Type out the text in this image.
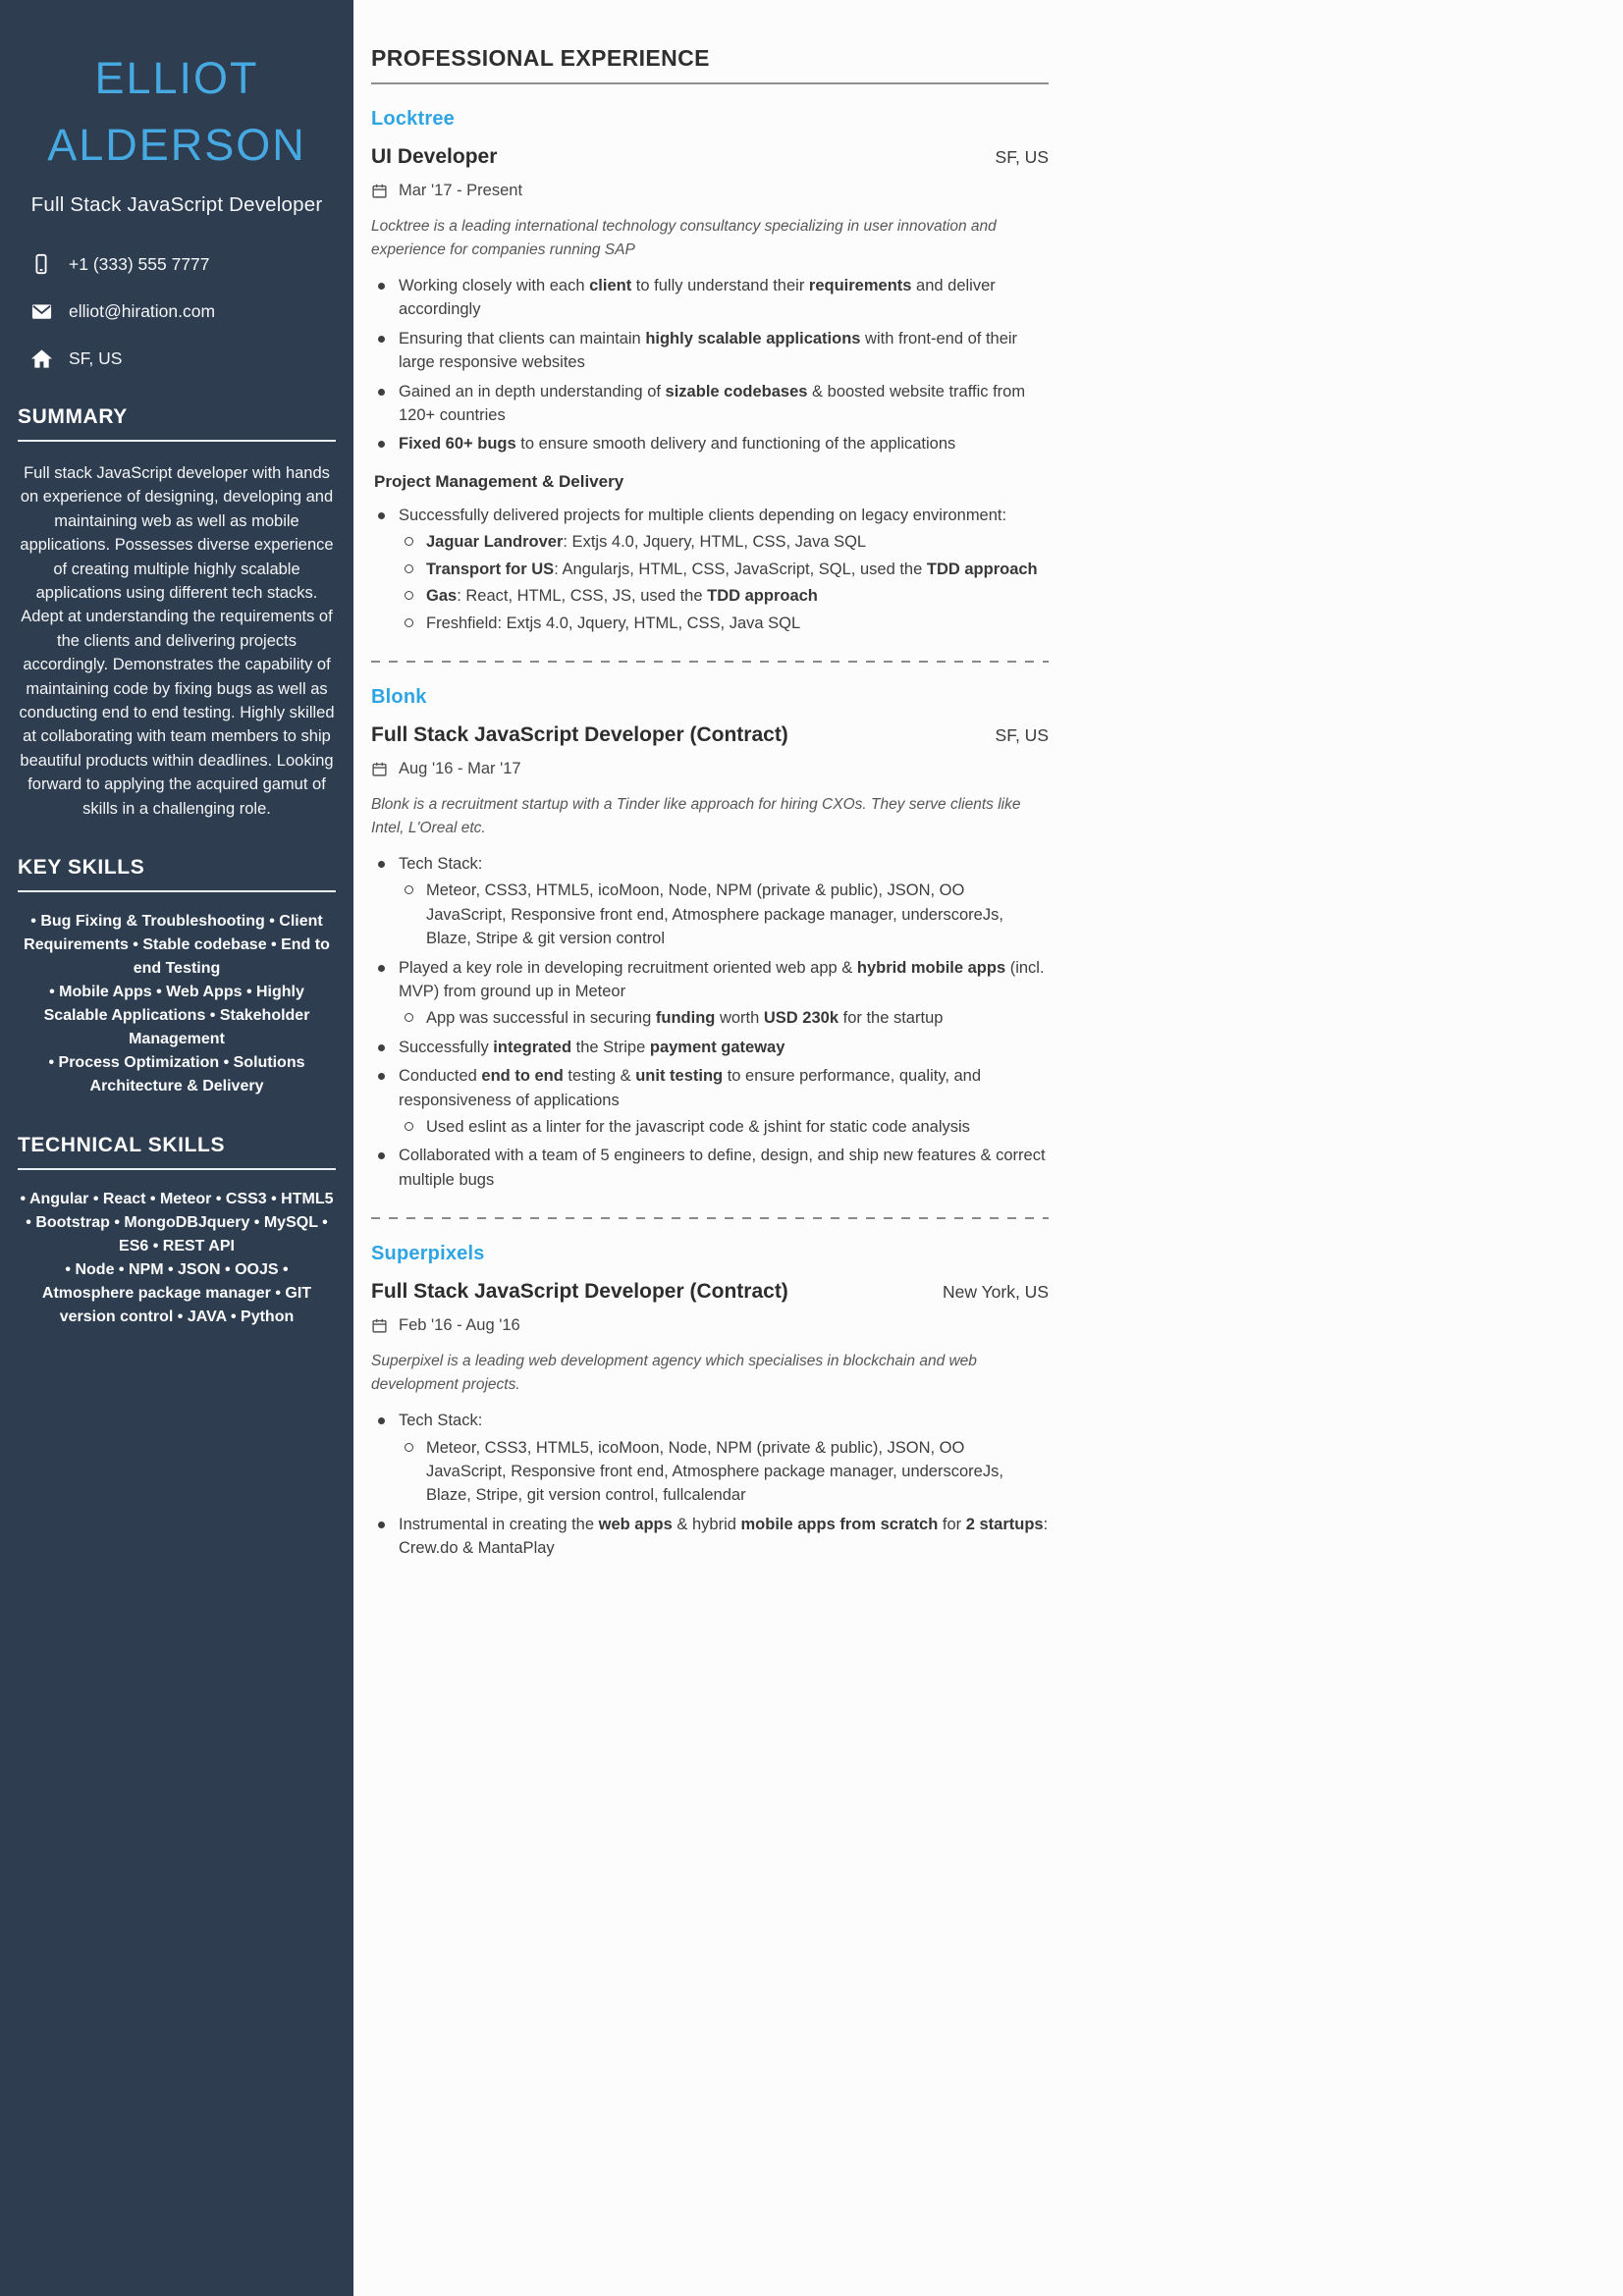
ELLIOT
ALDERSON
Full Stack JavaScript Developer
+1 (333) 555 7777
elliot@hiration.com
SF, US
SUMMARY

Full stack JavaScript developer with hands on experience of designing, developing and maintaining web as well as mobile applications. Possesses diverse experience of creating multiple highly scalable applications using different tech stacks. Adept at understanding the requirements of the clients and delivering projects accordingly. Demonstrates the capability of maintaining code by fixing bugs as well as conducting end to end testing. Highly skilled at collaborating with team members to ship beautiful products within deadlines. Looking forward to applying the acquired gamut of skills in a challenging role.

KEY SKILLS
• Bug Fixing & Troubleshooting • Client Requirements • Stable codebase • End to end Testing
• Mobile Apps • Web Apps • Highly Scalable Applications • Stakeholder Management
• Process Optimization • Solutions Architecture & Delivery
TECHNICAL SKILLS
• Angular • React • Meteor • CSS3 • HTML5 • Bootstrap • MongoDBJquery • MySQL • ES6 • REST API
• Node • NPM • JSON • OOJS • Atmosphere package manager • GIT version control • JAVA • Python
PROFESSIONAL EXPERIENCE
Locktree
UI Developer	SF, US
Mar '17 - Present
Locktree is a leading international technology consultancy specializing in user innovation and experience for companies running SAP
Working closely with each client to fully understand their requirements and deliver accordingly
Ensuring that clients can maintain highly scalable applications with front-end of their large responsive websites
Gained an in depth understanding of sizable codebases & boosted website traffic from 120+ countries
Fixed 60+ bugs to ensure smooth delivery and functioning of the applications
Project Management & Delivery
Successfully delivered projects for multiple clients depending on legacy environment:
Jaguar Landrover: Extjs 4.0, Jquery, HTML, CSS, Java SQL
Transport for US: Angularjs, HTML, CSS, JavaScript, SQL, used the TDD approach
Gas: React, HTML, CSS, JS, used the TDD approach
Freshfield: Extjs 4.0, Jquery, HTML, CSS, Java SQL
Blonk
Full Stack JavaScript Developer (Contract)	SF, US
Aug '16 - Mar '17
Blonk is a recruitment startup with a Tinder like approach for hiring CXOs. They serve clients like Intel, L'Oreal etc.
Tech Stack:
Meteor, CSS3, HTML5, icoMoon, Node, NPM (private & public), JSON, OO JavaScript, Responsive front end, Atmosphere package manager, underscoreJs, Blaze, Stripe & git version control
Played a key role in developing recruitment oriented web app & hybrid mobile apps (incl. MVP) from ground up in Meteor
App was successful in securing funding worth USD 230k for the startup
Successfully integrated the Stripe payment gateway
Conducted end to end testing & unit testing to ensure performance, quality, and responsiveness of applications
Used eslint as a linter for the javascript code & jshint for static code analysis
Collaborated with a team of 5 engineers to define, design, and ship new features & correct multiple bugs
Superpixels
Full Stack JavaScript Developer (Contract)	New York, US
Feb '16 - Aug '16
Superpixel is a leading web development agency which specialises in blockchain and web development projects.
Tech Stack:
Meteor, CSS3, HTML5, icoMoon, Node, NPM (private & public), JSON, OO JavaScript, Responsive front end, Atmosphere package manager, underscoreJs, Blaze, Stripe, git version control, fullcalendar
Instrumental in creating the web apps & hybrid mobile apps from scratch for 2 startups: Crew.do & MantaPlay
